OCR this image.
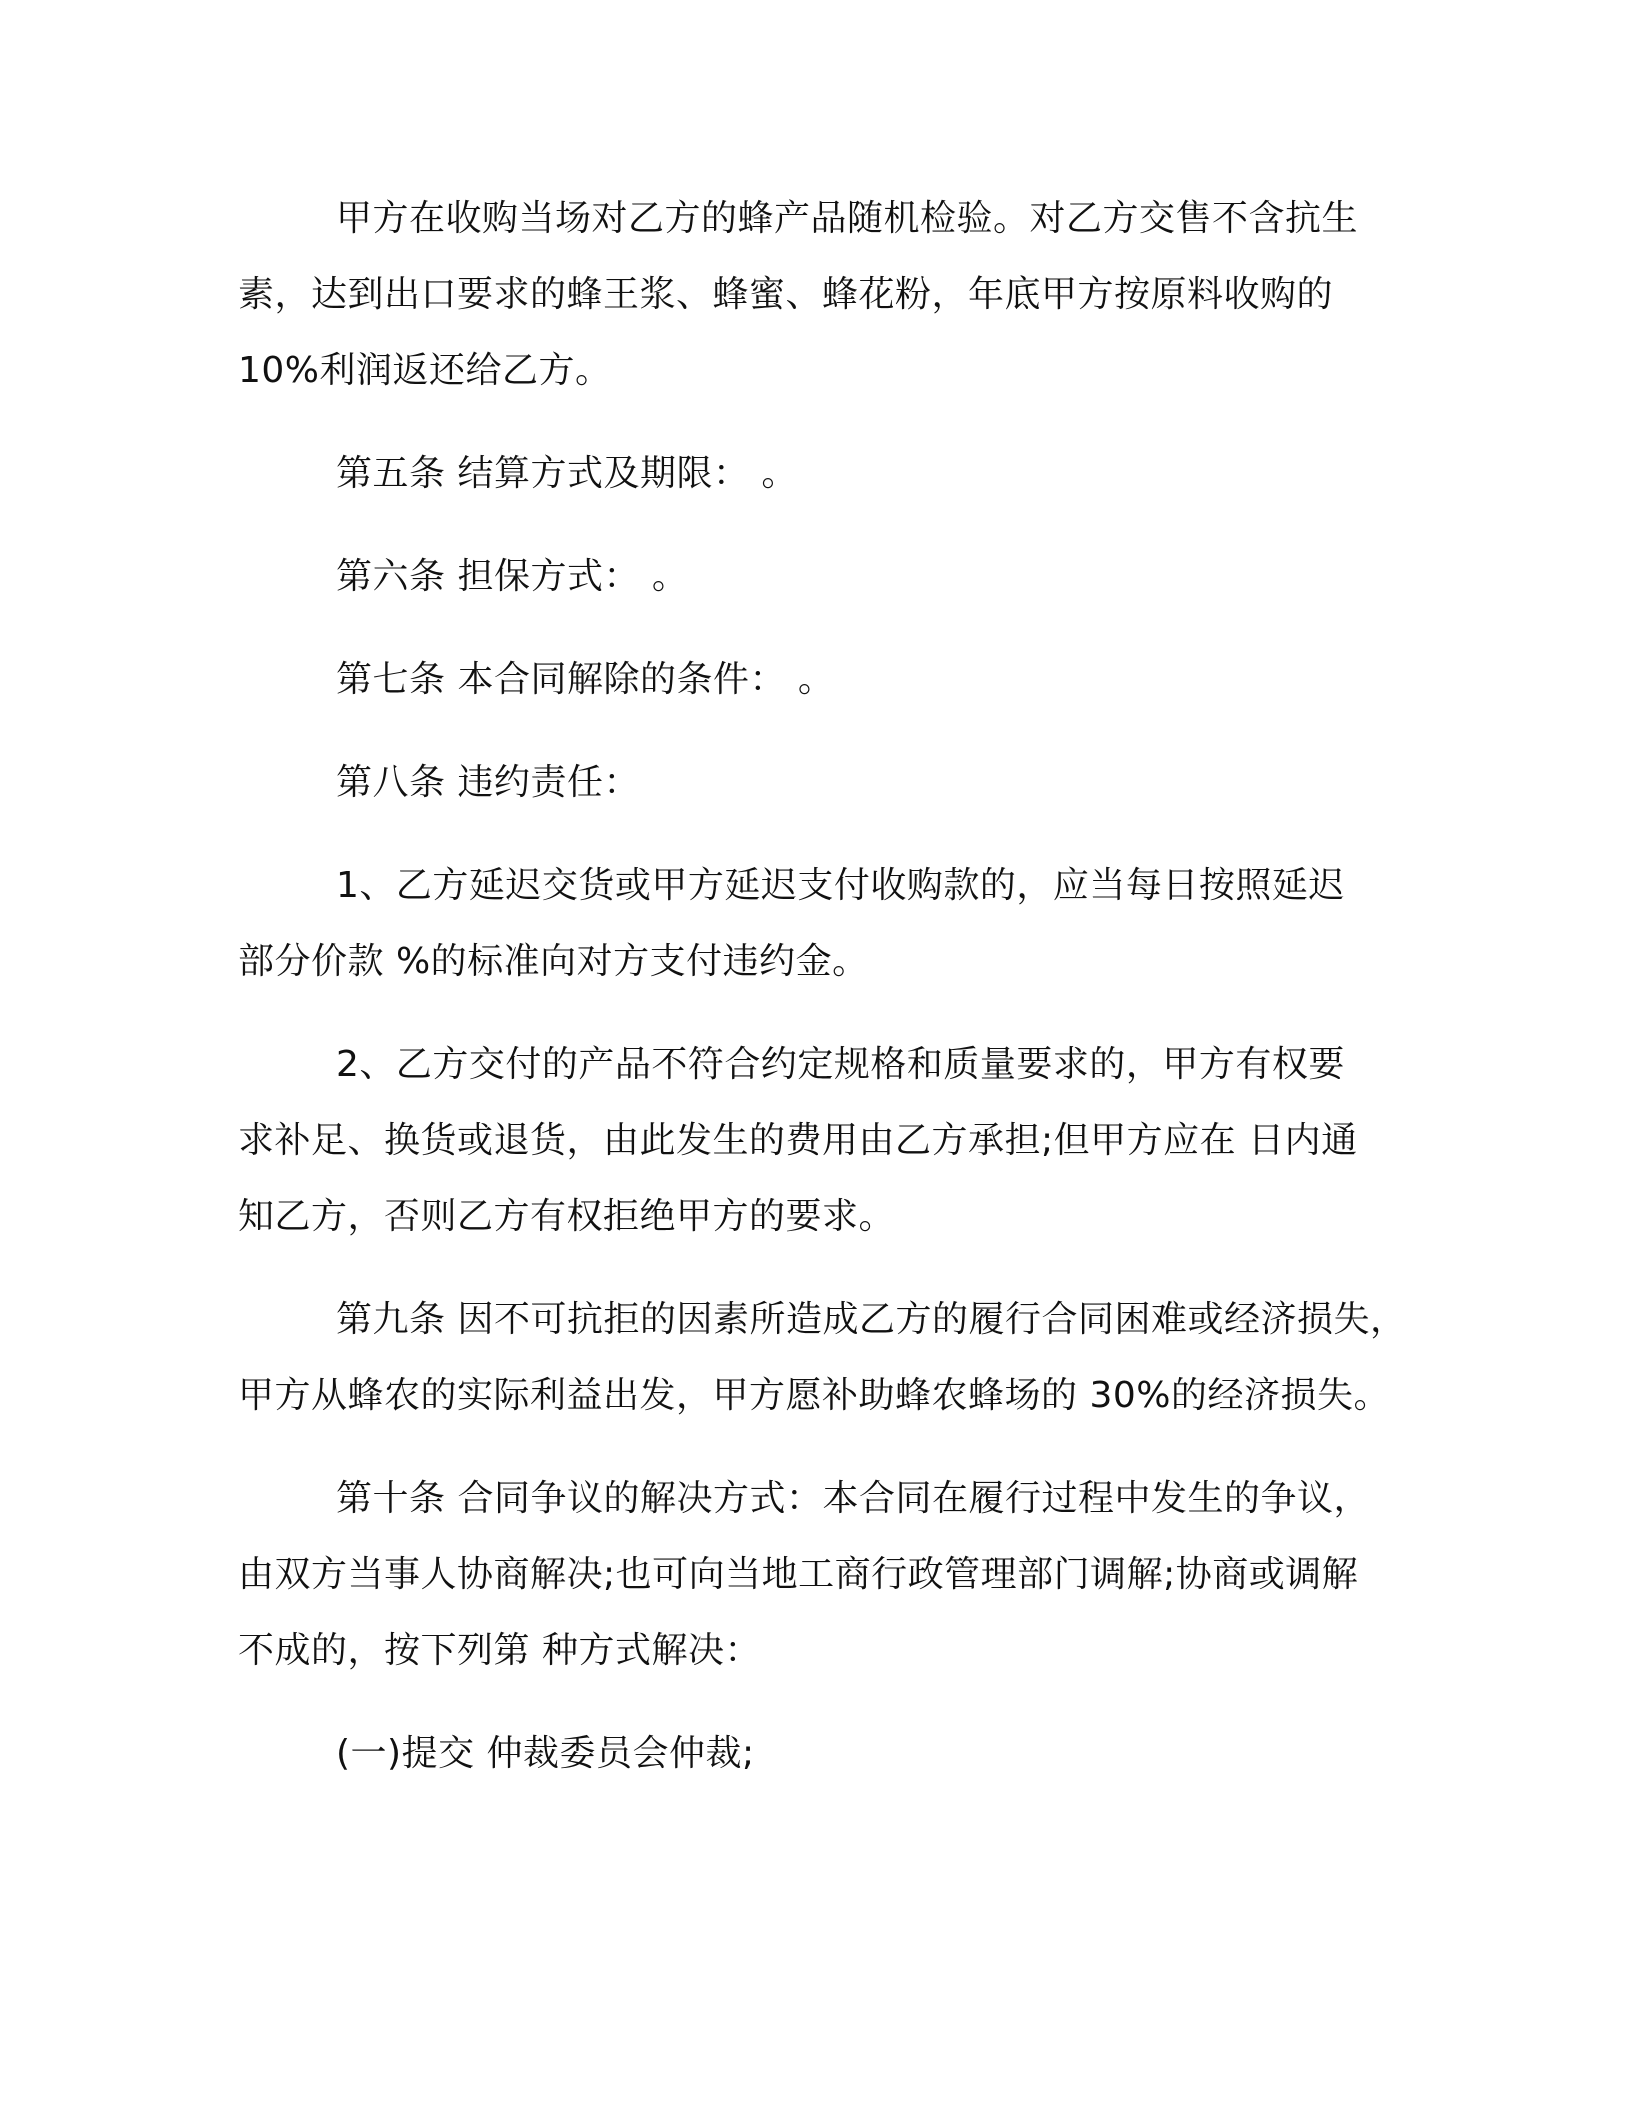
甲方在收购当场对乙方的蜂产品随机检验。对乙方交售不含抗生
素，达到出口要求的蜂王浆、蜂蜜、蜂花粉，年底甲方按原料收购的
10%利润返还给乙方。
第五条 结算方式及期限： 。
第六条 担保方式： 。
第七条 本合同解除的条件： 。
第八条 违约责任：
1、乙方延迟交货或甲方延迟支付收购款的，应当每日按照延迟
部分价款 %的标准向对方支付违约金。
2、乙方交付的产品不符合约定规格和质量要求的，甲方有权要
求补足、换货或退货，由此发生的费用由乙方承担;但甲方应在 日内通
知乙方，否则乙方有权拒绝甲方的要求。
第九条 因不可抗拒的因素所造成乙方的履行合同困难或经济损失，
甲方从蜂农的实际利益出发，甲方愿补助蜂农蜂场的 30%的经济损失。
第十条 合同争议的解决方式：本合同在履行过程中发生的争议，
由双方当事人协商解决;也可向当地工商行政管理部门调解;协商或调解
不成的，按下列第 种方式解决：
(一)提交 仲裁委员会仲裁;
